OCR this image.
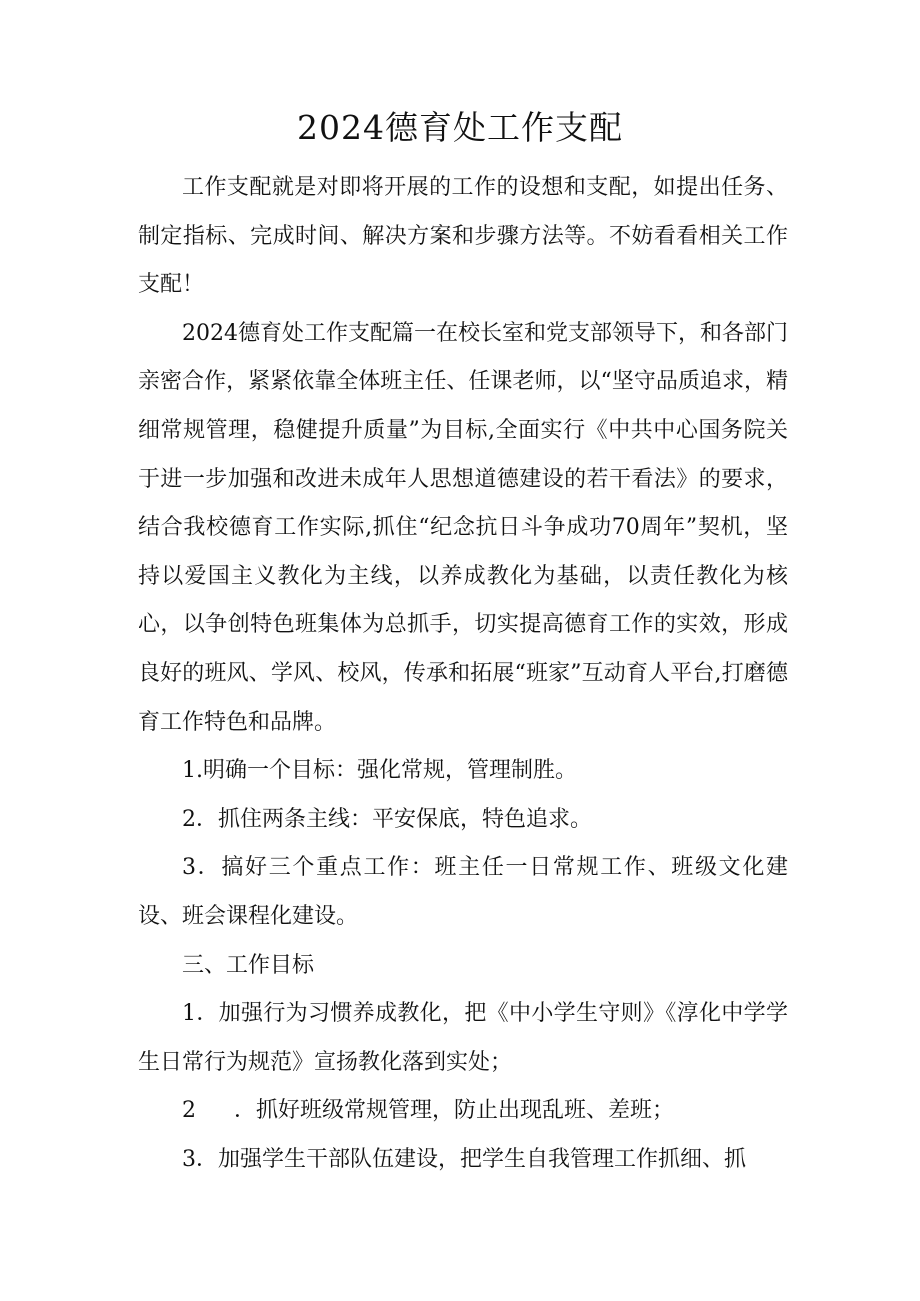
2024德育处工作支配

工作支配就是对即将开展的工作的设想和支配，如提出任务、制定指标、完成时间、解决方案和步骤方法等。不妨看看相关工作支配！

2024德育处工作支配篇一在校长室和党支部领导下，和各部门亲密合作，紧紧依靠全体班主任、任课老师，以“坚守品质追求，精细常规管理，稳健提升质量”为目标,全面实行《中共中心国务院关于进一步加强和改进未成年人思想道德建设的若干看法》的要求，结合我校德育工作实际,抓住“纪念抗日斗争成功70周年”契机，坚持以爱国主义教化为主线，以养成教化为基础，以责任教化为核心，以争创特色班集体为总抓手，切实提高德育工作的实效，形成良好的班风、学风、校风，传承和拓展“班家”互动育人平台,打磨德育工作特色和品牌。

1.明确一个目标：强化常规，管理制胜。

2．抓住两条主线：平安保底，特色追求。

3．搞好三个重点工作：班主任一日常规工作、班级文化建设、班会课程化建设。

三、工作目标

1．加强行为习惯养成教化，把《中小学生守则》《淳化中学学生日常行为规范》宣扬教化落到实处；

2 ．抓好班级常规管理，防止出现乱班、差班；

3．加强学生干部队伍建设，把学生自我管理工作抓细、抓
